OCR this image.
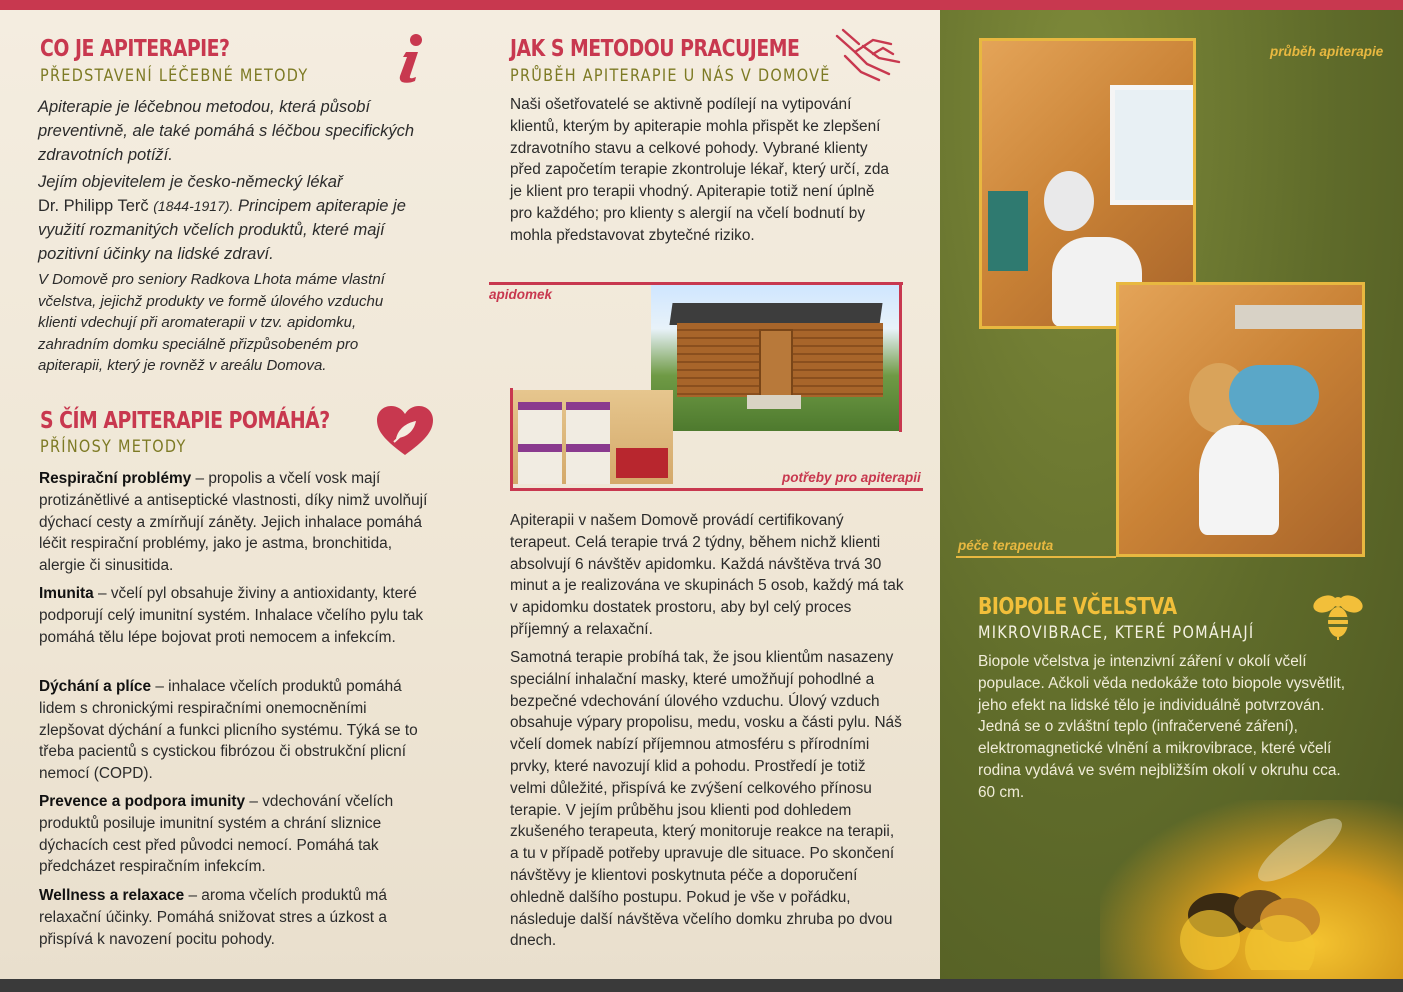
CO JE APITERAPIE?
PŘEDSTAVENÍ LÉČEBNÉ METODY

Apiterapie je léčebnou metodou, která působí preventivně, ale také pomáhá s léčbou specifických zdravotních potíží.

Jejím objevitelem je česko-německý lékař
Dr. Philipp Terč (1844-1917). Principem apiterapie je využití rozmanitých včelích produktů, které mají pozitivní účinky na lidské zdraví.

V Domově pro seniory Radkova Lhota máme vlastní včelstva, jejichž produkty ve formě úlového vzduchu klienti vdechují při aromaterapii v tzv. apidomku, zahradním domku speciálně přizpůsobeném pro apiterapii, který je rovněž v areálu Domova.

S ČÍM APITERAPIE POMÁHÁ?
PŘÍNOSY METODY

Respirační problémy – propolis a včelí vosk mají protizánětlivé a antiseptické vlastnosti, díky nimž uvolňují dýchací cesty a zmírňují záněty. Jejich inhalace pomáhá léčit respirační problémy, jako je astma, bronchitida, alergie či sinusitida.

Imunita – včelí pyl obsahuje živiny a antioxidanty, které podporují celý imunitní systém. Inhalace včelího pylu tak pomáhá tělu lépe bojovat proti nemocem a infekcím.

Dýchání a plíce – inhalace včelích produktů pomáhá lidem s chronickými respiračními onemocněními zlepšovat dýchání a funkci plicního systému. Týká se to třeba pacientů s cystickou fibrózou či obstrukční plicní nemocí (COPD).

Prevence a podpora imunity – vdechování včelích produktů posiluje imunitní systém a chrání sliznice dýchacích cest před původci nemocí. Pomáhá tak předcházet respiračním infekcím.

Wellness a relaxace – aroma včelích produktů má relaxační účinky. Pomáhá snižovat stres a úzkost a přispívá k navození pocitu pohody.

JAK S METODOU PRACUJEME
PRŮBĚH APITERAPIE U NÁS V DOMOVĚ

Naši ošetřovatelé se aktivně podílejí na vytipování klientů, kterým by apiterapie mohla přispět ke zlepšení zdravotního stavu a celkové pohody. Vybrané klienty před započetím terapie zkontroluje lékař, který určí, zda je klient pro terapii vhodný. Apiterapie totiž není úplně pro každého; pro klienty s alergií na včelí bodnutí by mohla představovat zbytečné riziko.

apidomek
potřeby pro apiterapii

Apiterapii v našem Domově provádí certifikovaný terapeut. Celá terapie trvá 2 týdny, během nichž klienti absolvují 6 návštěv apidomku. Každá návštěva trvá 30 minut a je realizována ve skupinách 5 osob, každý má tak v apidomku dostatek prostoru, aby byl celý proces příjemný a relaxační.

Samotná terapie probíhá tak, že jsou klientům nasazeny speciální inhalační masky, které umožňují pohodlné a bezpečné vdechování úlového vzduchu. Úlový vzduch obsahuje výpary propolisu, medu, vosku a části pylu. Náš včelí domek nabízí příjemnou atmosféru s přírodními prvky, které navozují klid a pohodu. Prostředí je totiž velmi důležité, přispívá ke zvýšení celkového přínosu terapie. V jejím průběhu jsou klienti pod dohledem zkušeného terapeuta, který monitoruje reakce na terapii, a tu v případě potřeby upravuje dle situace. Po skončení návštěvy je klientovi poskytnuta péče a doporučení ohledně dalšího postupu. Pokud je vše v pořádku, následuje další návštěva včelího domku zhruba po dvou dnech.

průběh apiterapie
péče terapeuta
BIOPOLE VČELSTVA
MIKROVIBRACE, KTERÉ POMÁHAJÍ

Biopole včelstva je intenzivní záření v okolí včelí populace. Ačkoli věda nedokáže toto biopole vysvětlit, jeho efekt na lidské tělo je individuálně potvrzován. Jedná se o zvláštní teplo (infračervené záření), elektromagnetické vlnění a mikrovibrace, které včelí rodina vydává ve svém nejbližším okolí v okruhu cca. 60 cm.
